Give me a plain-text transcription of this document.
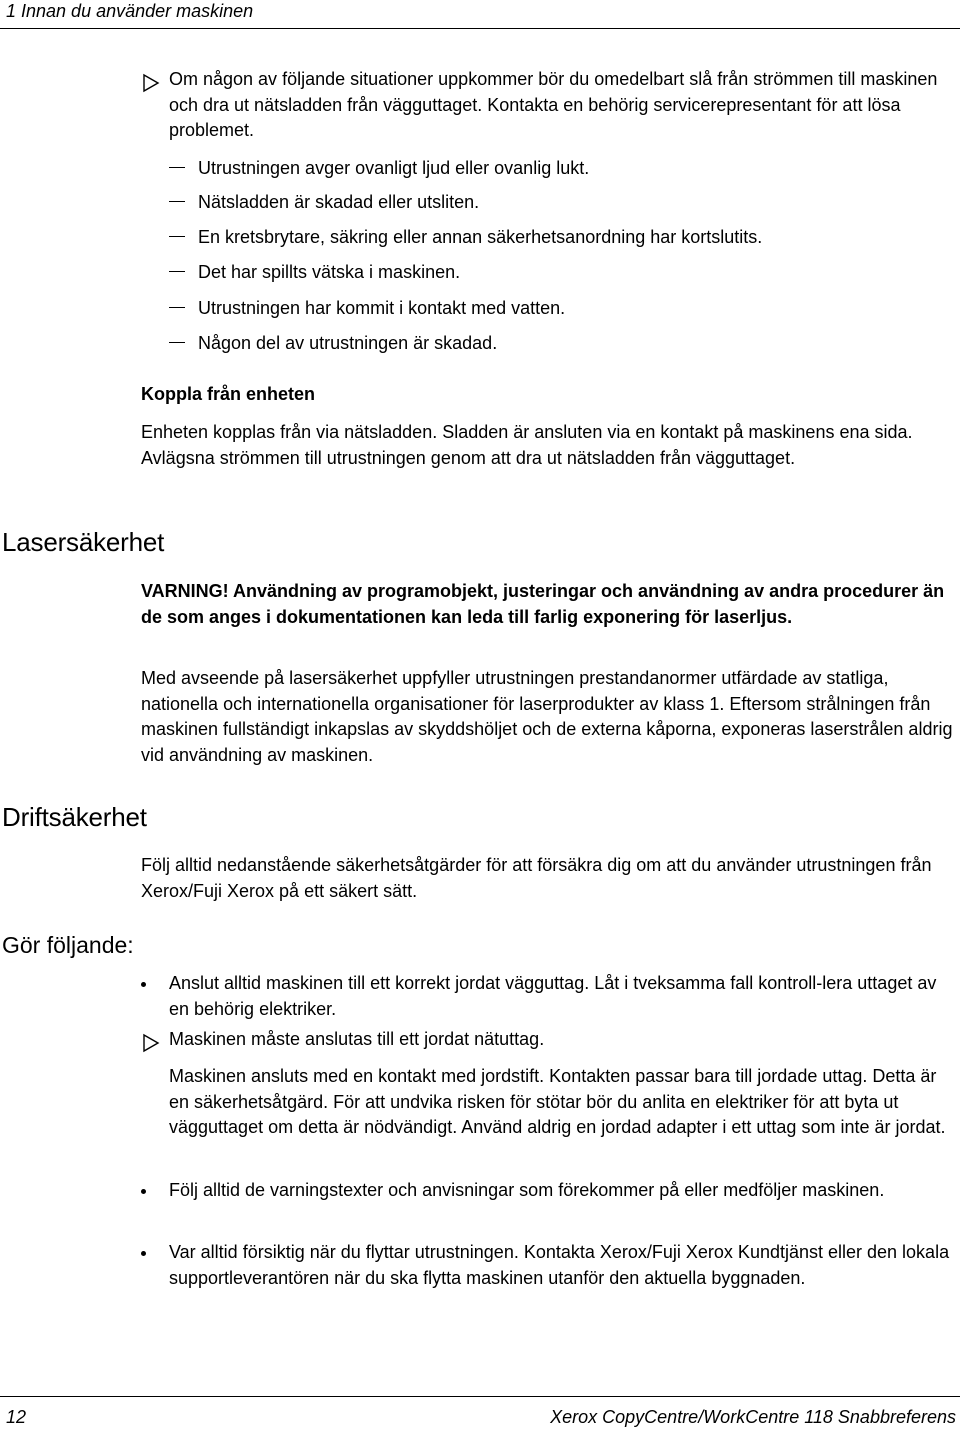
1 Innan du använder maskinen
Om någon av följande situationer uppkommer bör du omedelbart slå från strömmen till maskinen och dra ut nätsladden från vägguttaget. Kontakta en behörig servicerepresentant för att lösa problemet.
Utrustningen avger ovanligt ljud eller ovanlig lukt.
Nätsladden är skadad eller utsliten.
En kretsbrytare, säkring eller annan säkerhetsanordning har kortslutits.
Det har spillts vätska i maskinen.
Utrustningen har kommit i kontakt med vatten.
Någon del av utrustningen är skadad.

Koppla från enheten

Enheten kopplas från via nätsladden. Sladden är ansluten via en kontakt på maskinens ena sida. Avlägsna strömmen till utrustningen genom att dra ut nätsladden från vägguttaget.

Lasersäkerhet

VARNING! Användning av programobjekt, justeringar och användning av andra procedurer än de som anges i dokumentationen kan leda till farlig exponering för laserljus.

Med avseende på lasersäkerhet uppfyller utrustningen prestandanormer utfärdade av statliga, nationella och internationella organisationer för laserprodukter av klass 1. Eftersom strålningen från maskinen fullständigt inkapslas av skyddshöljet och de externa kåporna, exponeras laserstrålen aldrig vid användning av maskinen.

Driftsäkerhet

Följ alltid nedanstående säkerhetsåtgärder för att försäkra dig om att du använder utrustningen från Xerox/Fuji Xerox på ett säkert sätt.

Gör följande:
Anslut alltid maskinen till ett korrekt jordat vägguttag. Låt i tveksamma fall kontroll-lera uttaget av en behörig elektriker.
Maskinen måste anslutas till ett jordat nätuttag.
Maskinen ansluts med en kontakt med jordstift. Kontakten passar bara till jordade uttag. Detta är en säkerhetsåtgärd. För att undvika risken för stötar bör du anlita en elektriker för att byta ut vägguttaget om detta är nödvändigt. Använd aldrig en jordad adapter i ett uttag som inte är jordat.
Följ alltid de varningstexter och anvisningar som förekommer på eller medföljer maskinen.
Var alltid försiktig när du flyttar utrustningen. Kontakta Xerox/Fuji Xerox Kundtjänst eller den lokala supportleverantören när du ska flytta maskinen utanför den aktuella byggnaden.
12	Xerox CopyCentre/WorkCentre 118 Snabbreferens
